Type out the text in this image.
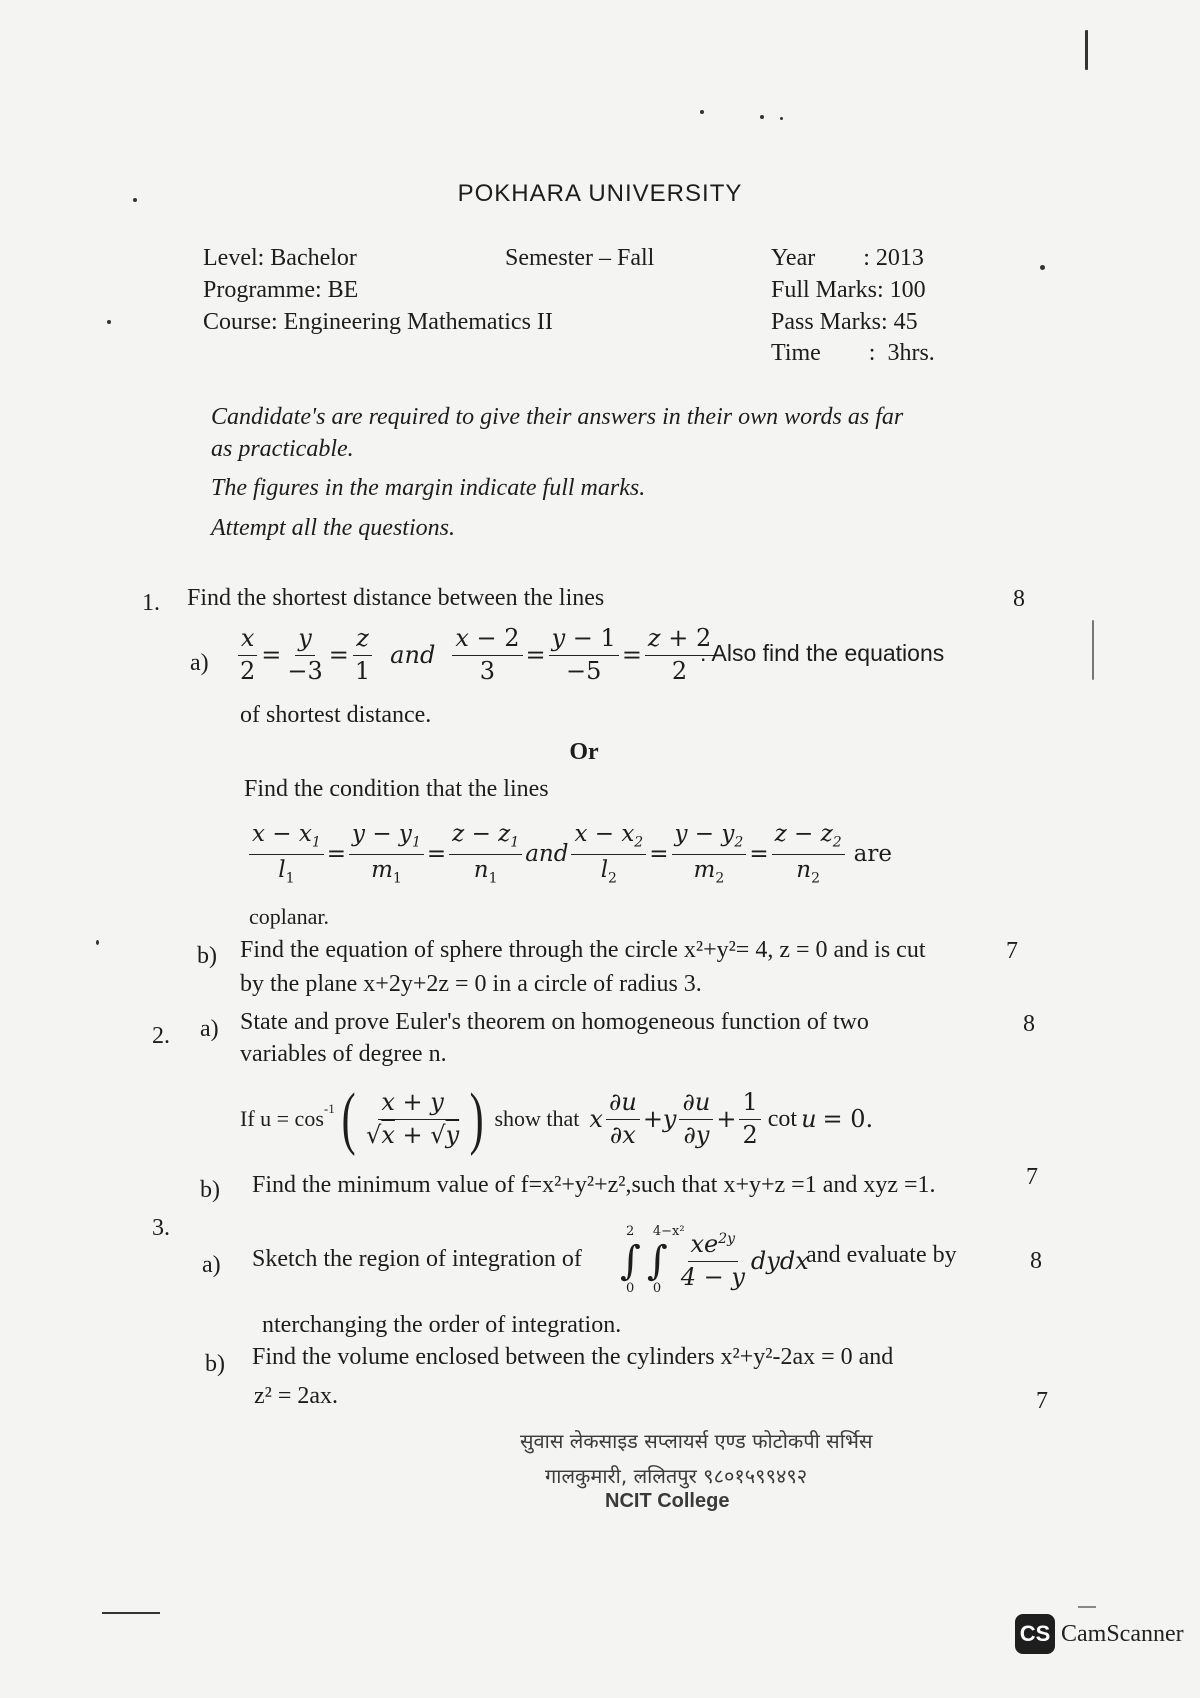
POKHARA UNIVERSITY
Level: Bachelor	Semester – Fall	Year        : 2013
Programme: BE	Full Marks: 100
Course: Engineering Mathematics II	Pass Marks: 45
Time        :  3hrs.
Candidate's are required to give their answers in their own words as far
as practicable.
The figures in the margin indicate full marks.
Attempt all the questions.
1. Find the shortest distance between the lines	8
$a) \frac{x}{2} = \frac{y}{-3} = \frac{z}{1}$ and $\frac{x - 2}{3} = \frac{y - 1}{-5} = \frac{z + 2}{2}$
. Also find the equations
of shortest distance.
Or
Find the condition that the lines
$\frac{x - x_1}{l_1} = \frac{y - y_1}{m_1} = \frac{z - z_1}{n_1}$ and $\frac{x - x_2}{l_2} = \frac{y - y_2}{m_2} = \frac{z - z_2}{n_2}$ are
coplanar.
b) Find the equation of sphere through the circle x²+y²= 4, z = 0 and is cut	7
by the plane x+2y+2z = 0 in a circle of radius 3.
2. a) State and prove Euler's theorem on homogeneous function of two	8
variables of degree n.
If $u = \cos^{-1}$ ( $\frac{x + y}{√x + √y}$ ) show that x $\frac{\partial u}{\partial x} + y \frac{\partial u}{\partial y} + \frac{1}{2}$ cot u = 0.
b) Find the minimum value of f=x²+y²+z²,such that x+y+z =1 and xyz =1.	7
3.
a) Sketch the region of integration of ∫
2
0
∫
4−x²
$0 \frac{xe^{2y}}{4 - y}$ dydx
and evaluate by	8
nterchanging the order of integration.
b) Find the volume enclosed between the cylinders x²+y²-2ax = 0 and
z² = 2ax.	7
सुवास लेकसाइड सप्लायर्स एण्ड फोटोकपी सर्भिस
गालकुमारी, ललितपुर ९८०१५९९४९२
NCIT College
CS CamScanner
